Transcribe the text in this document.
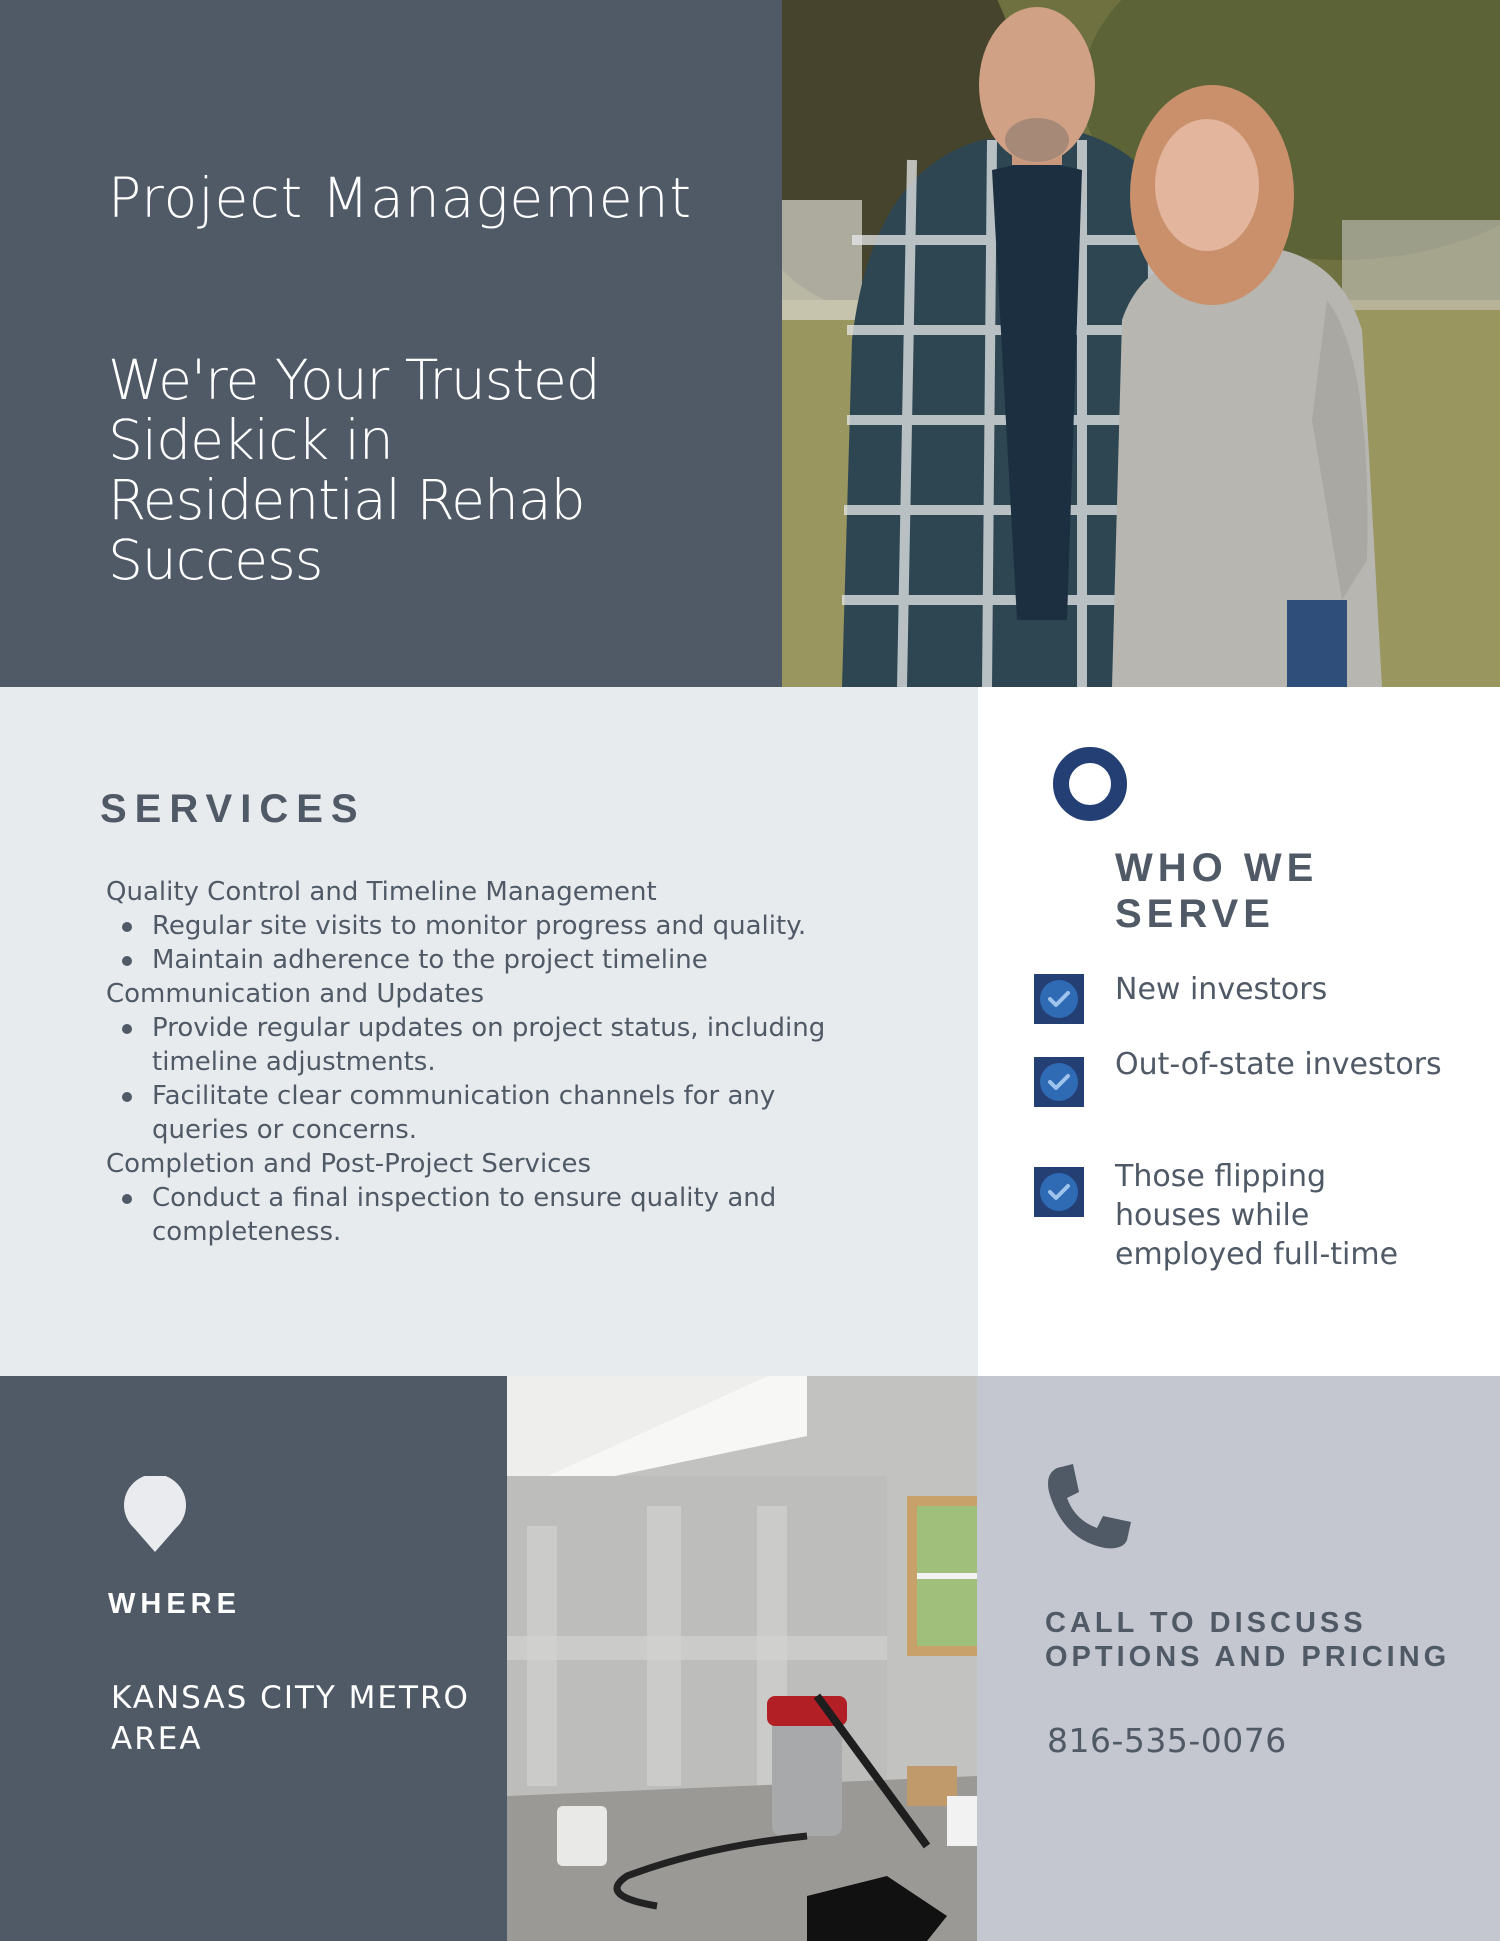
Project Management
We're Your Trusted Sidekick in Residential Rehab Success
SERVICES
Quality Control and Timeline Management
Regular site visits to monitor progress and quality.
Maintain adherence to the project timeline
Communication and Updates
Provide regular updates on project status, including timeline adjustments.
Facilitate clear communication channels for any queries or concerns.
Completion and Post-Project Services
Conduct a final inspection to ensure quality and completeness.
WHO WE SERVE
New investors
Out-of-state investors
Those flipping houses while employed full-time
WHERE
KANSAS CITY METRO AREA
CALL TO DISCUSS OPTIONS AND PRICING
816-535-0076
